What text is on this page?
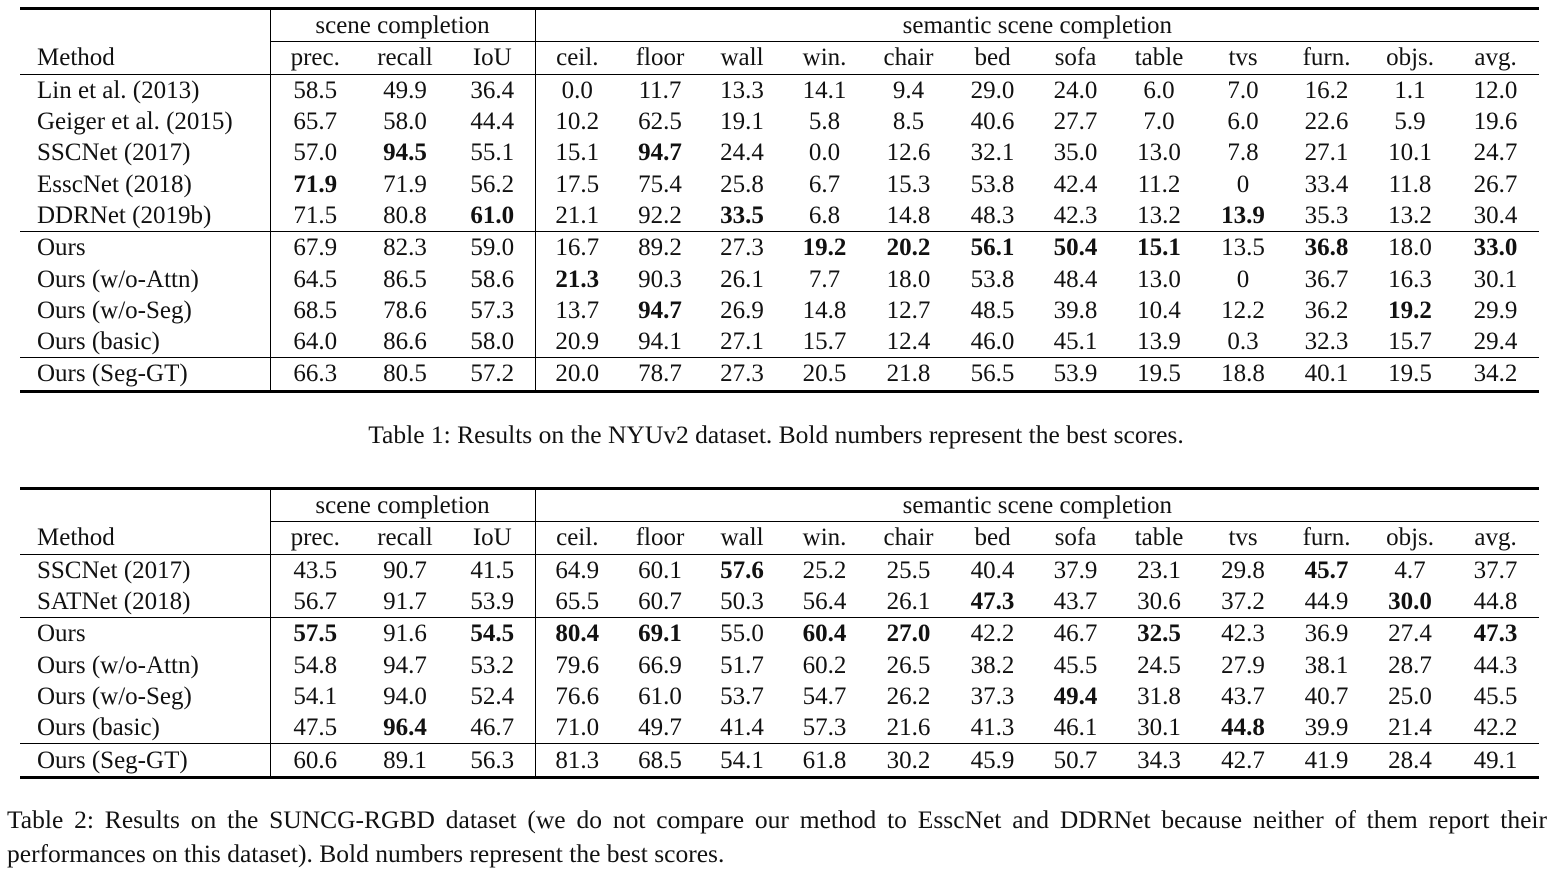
	scene completion			semantic scene completion											
Method	prec.	recall	IoU	ceil.	floor	wall	win.	chair	bed	sofa	table	tvs	furn.	objs.	avg.
Lin et al. (2013)	58.5	49.9	36.4	0.0	11.7	13.3	14.1	9.4	29.0	24.0	6.0	7.0	16.2	1.1	12.0
Geiger et al. (2015)	65.7	58.0	44.4	10.2	62.5	19.1	5.8	8.5	40.6	27.7	7.0	6.0	22.6	5.9	19.6
SSCNet (2017)	57.0	94.5	55.1	15.1	94.7	24.4	0.0	12.6	32.1	35.0	13.0	7.8	27.1	10.1	24.7
EsscNet (2018)	71.9	71.9	56.2	17.5	75.4	25.8	6.7	15.3	53.8	42.4	11.2	0	33.4	11.8	26.7
DDRNet (2019b)	71.5	80.8	61.0	21.1	92.2	33.5	6.8	14.8	48.3	42.3	13.2	13.9	35.3	13.2	30.4
Ours	67.9	82.3	59.0	16.7	89.2	27.3	19.2	20.2	56.1	50.4	15.1	13.5	36.8	18.0	33.0
Ours (w/o-Attn)	64.5	86.5	58.6	21.3	90.3	26.1	7.7	18.0	53.8	48.4	13.0	0	36.7	16.3	30.1
Ours (w/o-Seg)	68.5	78.6	57.3	13.7	94.7	26.9	14.8	12.7	48.5	39.8	10.4	12.2	36.2	19.2	29.9
Ours (basic)	64.0	86.6	58.0	20.9	94.1	27.1	15.7	12.4	46.0	45.1	13.9	0.3	32.3	15.7	29.4
Ours (Seg-GT)	66.3	80.5	57.2	20.0	78.7	27.3	20.5	21.8	56.5	53.9	19.5	18.8	40.1	19.5	34.2
Table 1: Results on the NYUv2 dataset. Bold numbers represent the best scores.
	scene completion			semantic scene completion											
Method	prec.	recall	IoU	ceil.	floor	wall	win.	chair	bed	sofa	table	tvs	furn.	objs.	avg.
SSCNet (2017)	43.5	90.7	41.5	64.9	60.1	57.6	25.2	25.5	40.4	37.9	23.1	29.8	45.7	4.7	37.7
SATNet (2018)	56.7	91.7	53.9	65.5	60.7	50.3	56.4	26.1	47.3	43.7	30.6	37.2	44.9	30.0	44.8
Ours	57.5	91.6	54.5	80.4	69.1	55.0	60.4	27.0	42.2	46.7	32.5	42.3	36.9	27.4	47.3
Ours (w/o-Attn)	54.8	94.7	53.2	79.6	66.9	51.7	60.2	26.5	38.2	45.5	24.5	27.9	38.1	28.7	44.3
Ours (w/o-Seg)	54.1	94.0	52.4	76.6	61.0	53.7	54.7	26.2	37.3	49.4	31.8	43.7	40.7	25.0	45.5
Ours (basic)	47.5	96.4	46.7	71.0	49.7	41.4	57.3	21.6	41.3	46.1	30.1	44.8	39.9	21.4	42.2
Ours (Seg-GT)	60.6	89.1	56.3	81.3	68.5	54.1	61.8	30.2	45.9	50.7	34.3	42.7	41.9	28.4	49.1
Table 2: Results on the SUNCG-RGBD dataset (we do not compare our method to EsscNet and DDRNet because neither of them report their performances on this dataset). Bold numbers represent the best scores.
